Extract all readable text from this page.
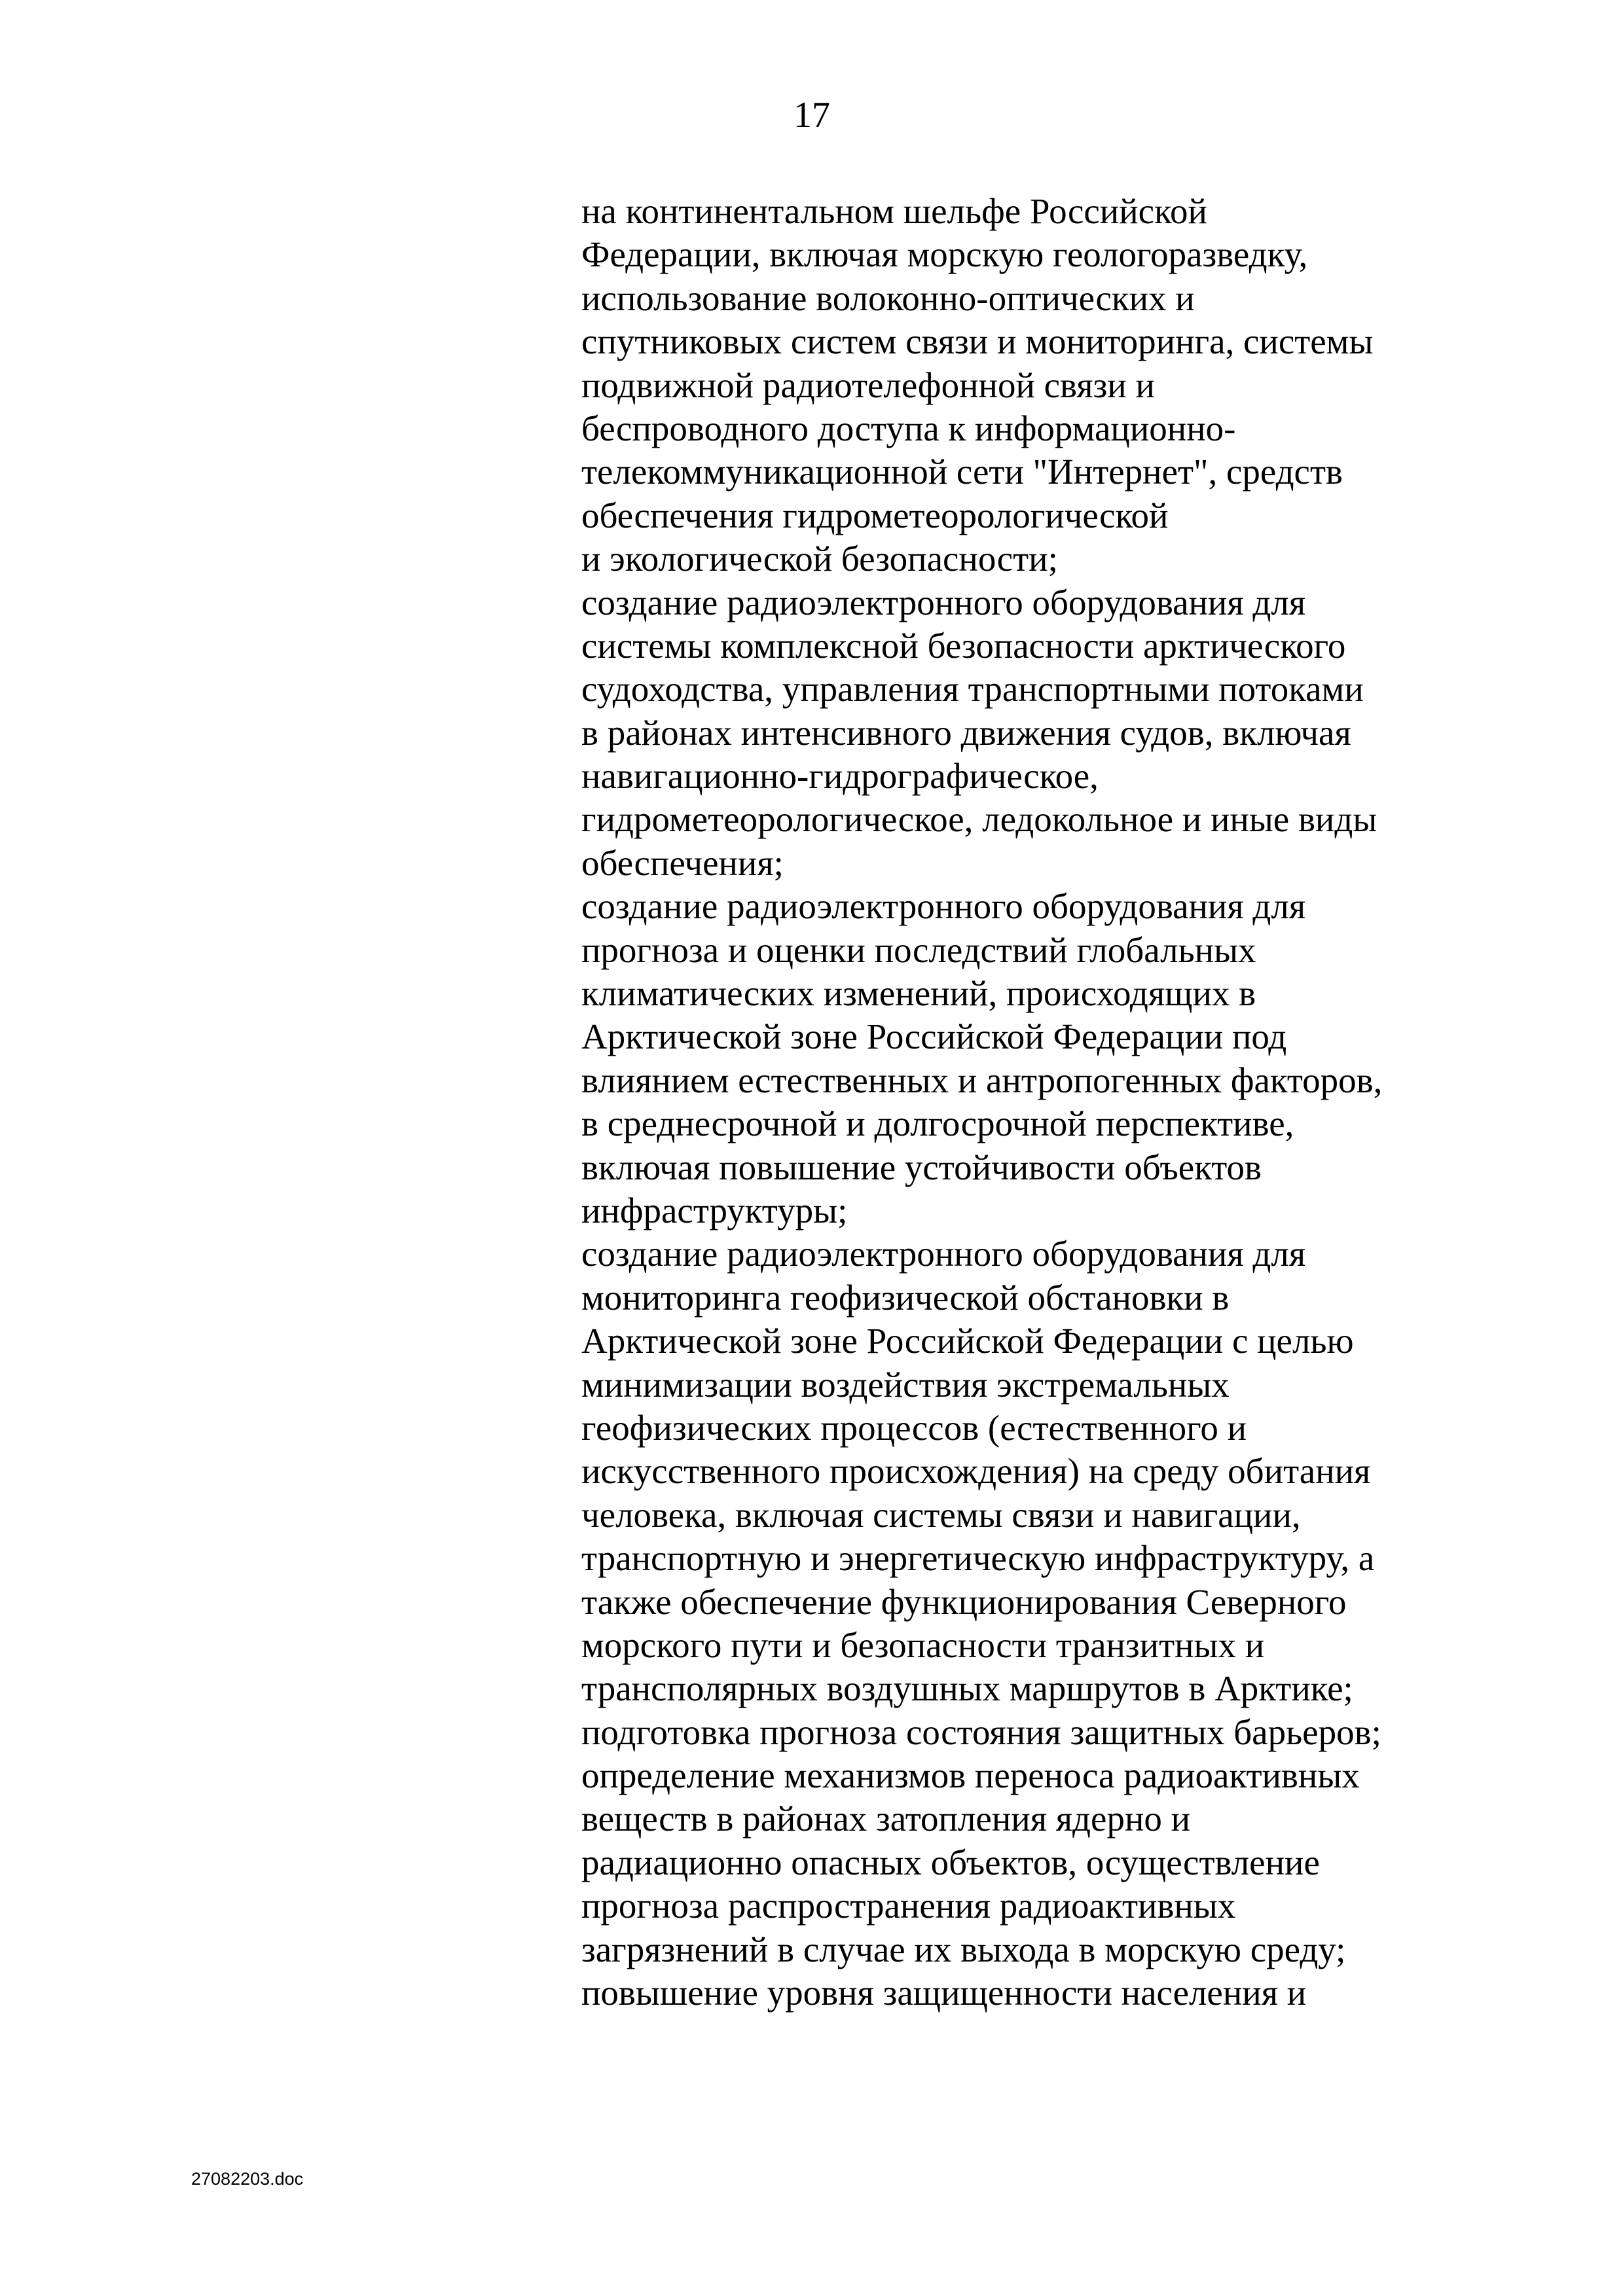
17
на континентальном шельфе Российской
Федерации, включая морскую геологоразведку,
использование волоконно-оптических и
спутниковых систем связи и мониторинга, системы
подвижной радиотелефонной связи и
беспроводного доступа к информационно-
телекоммуникационной сети "Интернет", средств
обеспечения гидрометеорологической
и экологической безопасности;
создание радиоэлектронного оборудования для
системы комплексной безопасности арктического
судоходства, управления транспортными потоками
в районах интенсивного движения судов, включая
навигационно-гидрографическое,
гидрометеорологическое, ледокольное и иные виды
обеспечения;
создание радиоэлектронного оборудования для
прогноза и оценки последствий глобальных
климатических изменений, происходящих в
Арктической зоне Российской Федерации под
влиянием естественных и антропогенных факторов,
в среднесрочной и долгосрочной перспективе,
включая повышение устойчивости объектов
инфраструктуры;
создание радиоэлектронного оборудования для
мониторинга геофизической обстановки в
Арктической зоне Российской Федерации с целью
минимизации воздействия экстремальных
геофизических процессов (естественного и
искусственного происхождения) на среду обитания
человека, включая системы связи и навигации,
транспортную и энергетическую инфраструктуру, а
также обеспечение функционирования Северного
морского пути и безопасности транзитных и
трансполярных воздушных маршрутов в Арктике;
подготовка прогноза состояния защитных барьеров;
определение механизмов переноса радиоактивных
веществ в районах затопления ядерно и
радиационно опасных объектов, осуществление
прогноза распространения радиоактивных
загрязнений в случае их выхода в морскую среду;
повышение уровня защищенности населения и
27082203.doc
